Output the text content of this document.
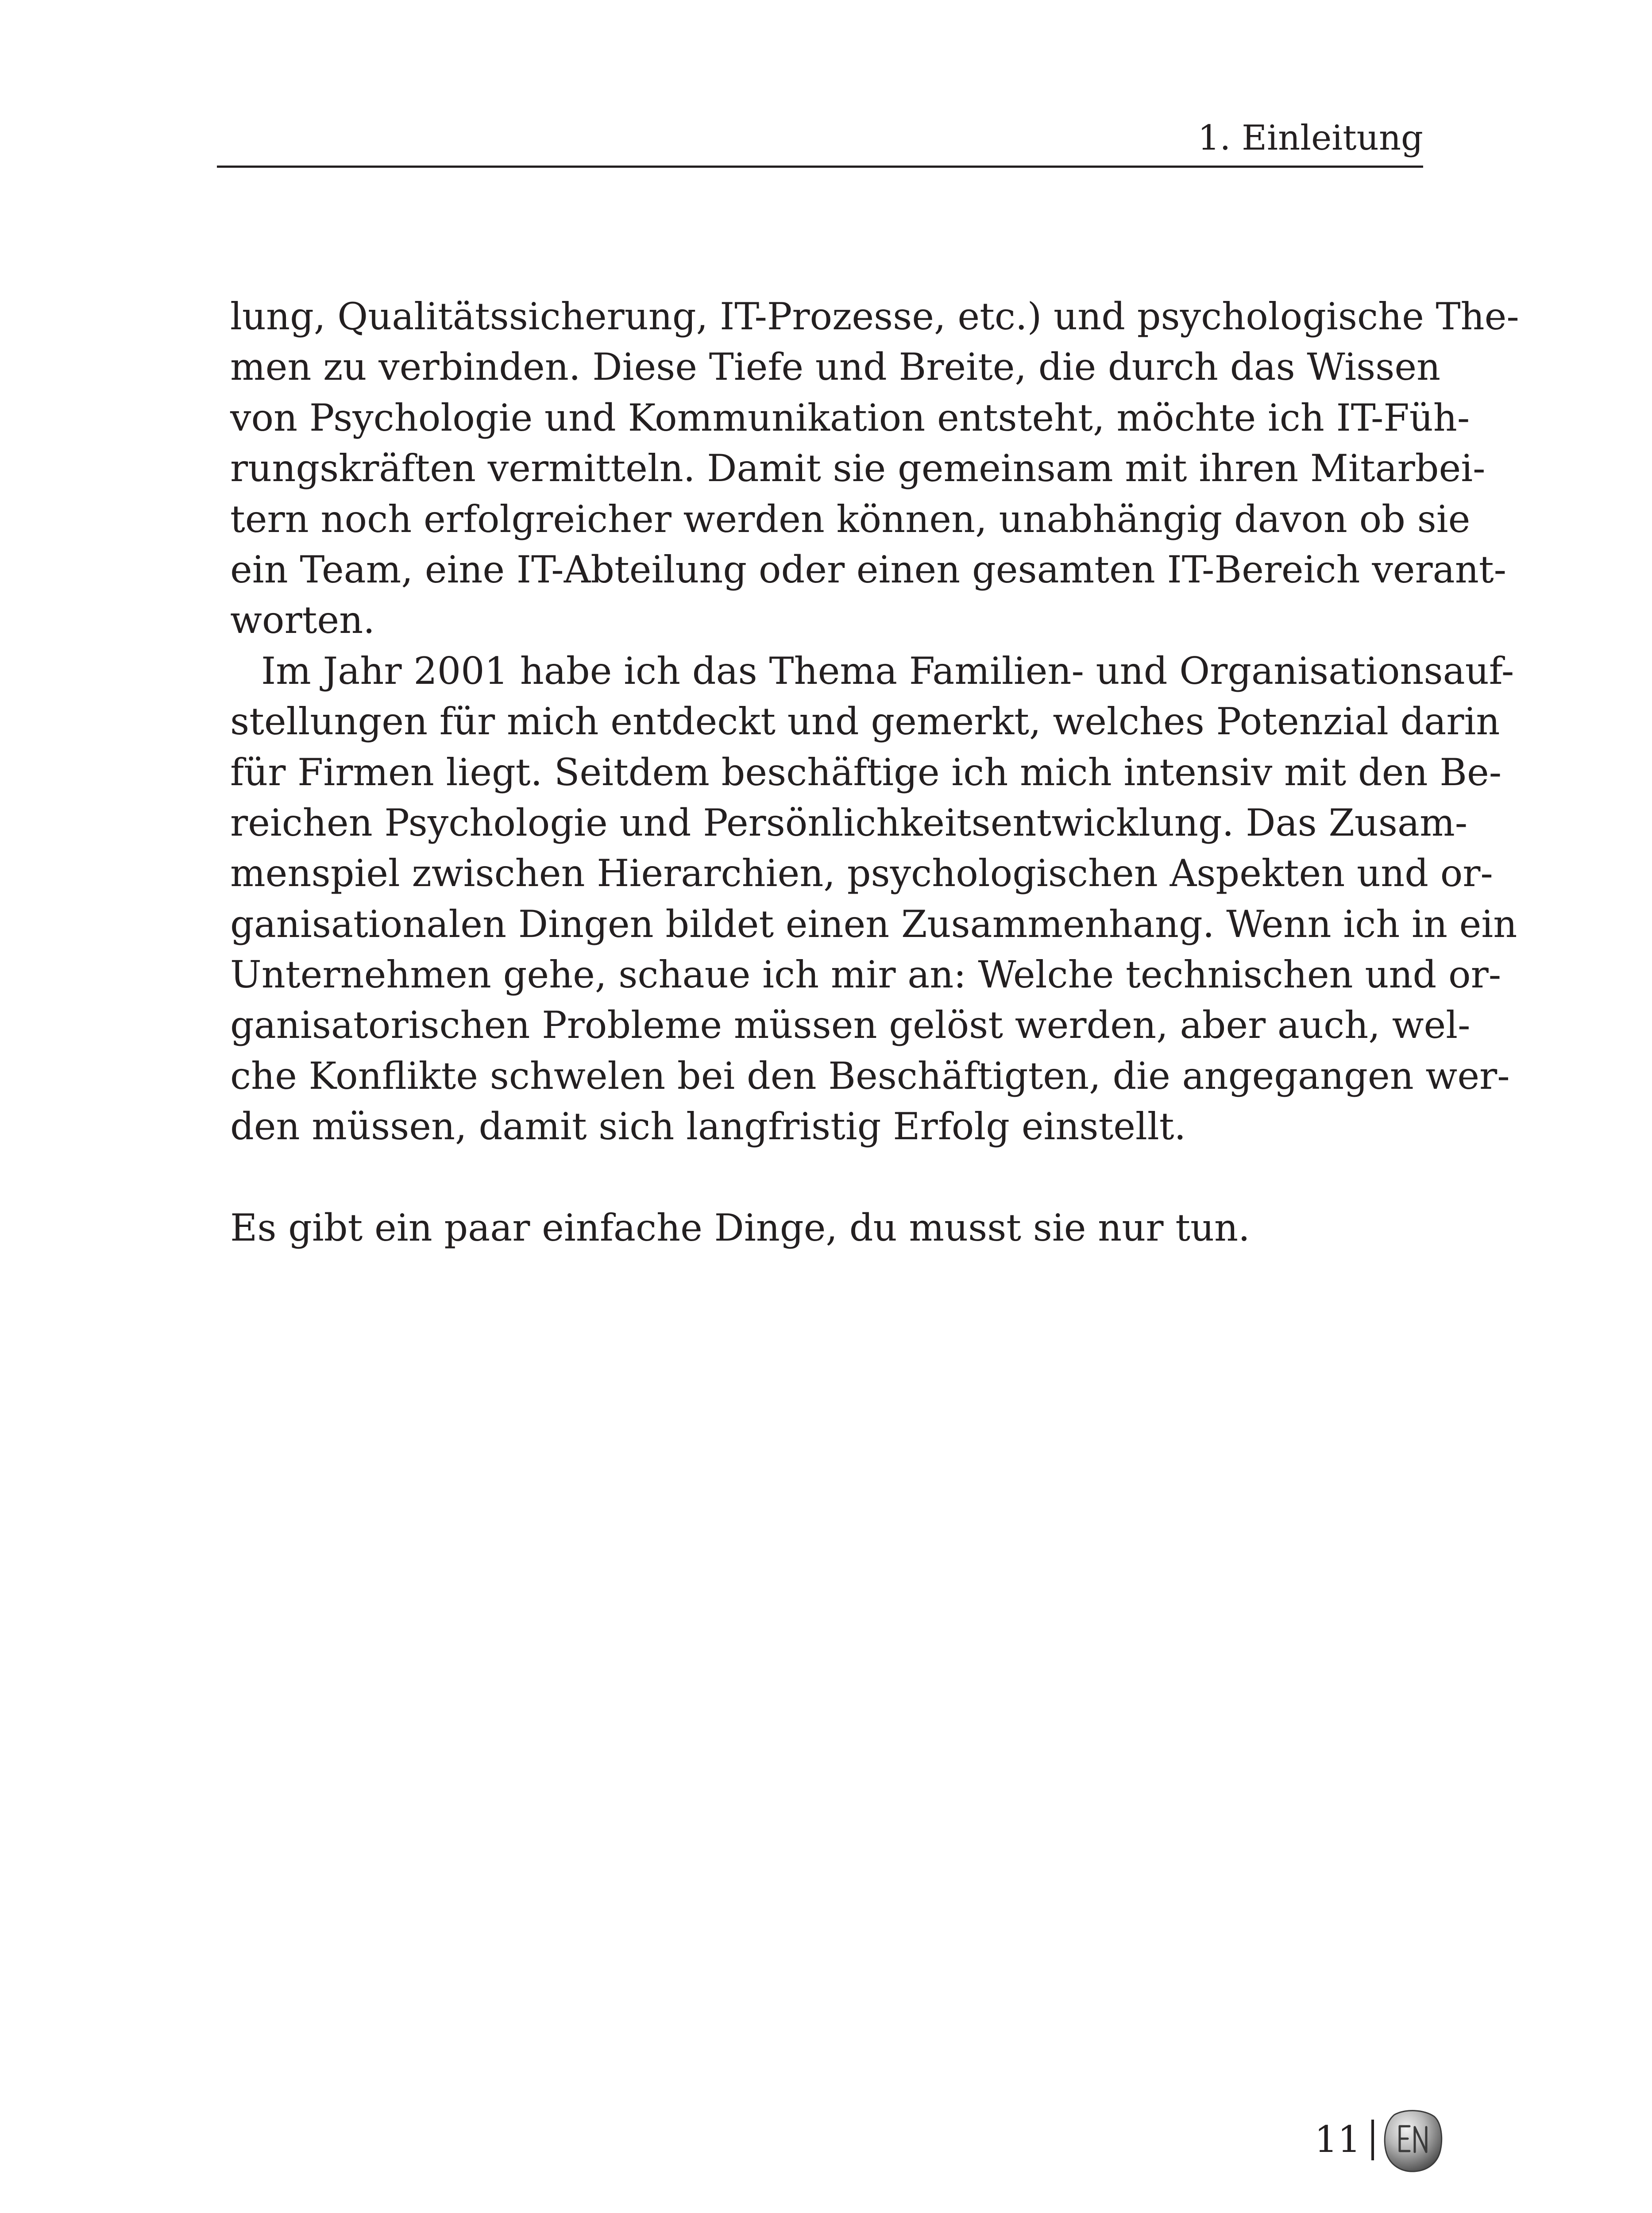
1. Einleitung
lung, Qualitätssicherung, IT-Prozesse, etc.) und psychologische The-
men zu verbinden. Diese Tiefe und Breite, die durch das Wissen
von Psychologie und Kommunikation entsteht, möchte ich IT-Füh-
rungskräften vermitteln. Damit sie gemeinsam mit ihren Mitarbei-
tern noch erfolgreicher werden können, unabhängig davon ob sie
ein Team, eine IT-Abteilung oder einen gesamten IT-Bereich verant-
worten.
Im Jahr 2001 habe ich das Thema Familien- und Organisationsauf-
stellungen für mich entdeckt und gemerkt, welches Potenzial darin
für Firmen liegt. Seitdem beschäftige ich mich intensiv mit den Be-
reichen Psychologie und Persönlichkeitsentwicklung. Das Zusam-
menspiel zwischen Hierarchien, psychologischen Aspekten und or-
ganisationalen Dingen bildet einen Zusammenhang. Wenn ich in ein
Unternehmen gehe, schaue ich mir an: Welche technischen und or-
ganisatorischen Probleme müssen gelöst werden, aber auch, wel-
che Konflikte schwelen bei den Beschäftigten, die angegangen wer-
den müssen, damit sich langfristig Erfolg einstellt.
Es gibt ein paar einfache Dinge, du musst sie nur tun.
11
